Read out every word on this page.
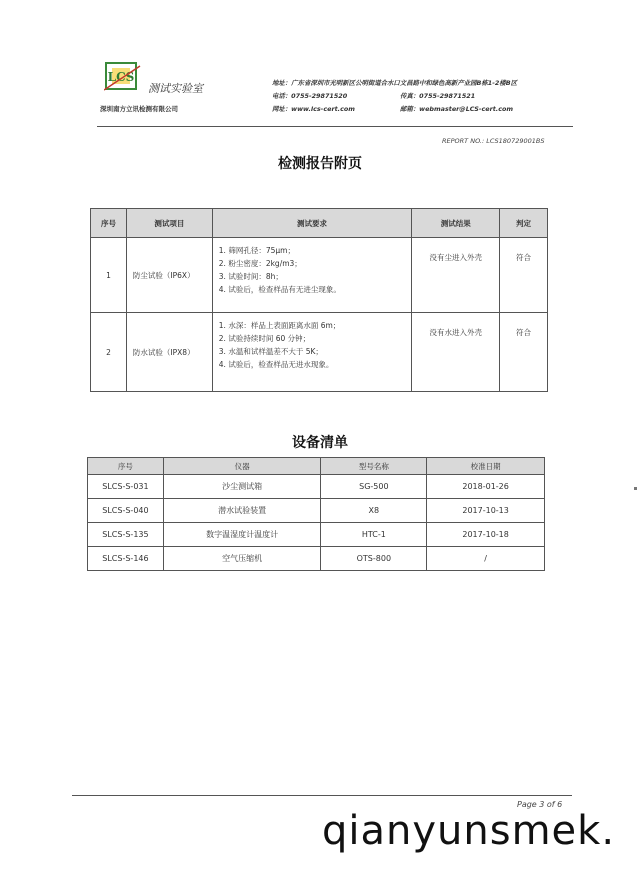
LCS
测试实验室
深圳南方立讯检测有限公司
地址：广东省深圳市光明新区公明街道合水口文昌路中和绿色高新产业园B栋1-2楼B区
电话：0755-29871520	传真：0755-29871521
网址：www.lcs-cert.com	邮箱：webmaster@LCS-cert.com
REPORT NO.: LCS180729001BS
检测报告附页
序号	测试项目	测试要求	测试结果	判定
1	防尘试验（IP6X）	1. 筛网孔径：75μm；
2. 粉尘密度：2kg/m3；
3. 试验时间：8h；
4. 试验后，检查样品有无进尘现象。	没有尘进入外壳	符合
2	防水试验（IPX8）	1. 水深：样品上表面距离水面 6m；
2. 试验持续时间 60 分钟；
3. 水温和试样温差不大于 5K；
4. 试验后，检查样品无进水现象。	没有水进入外壳	符合
设备清单
序号	仪器	型号名称	校准日期
SLCS-S-031	沙尘测试箱	SG-500	2018-01-26
SLCS-S-040	潜水试验装置	X8	2017-10-13
SLCS-S-135	数字温湿度计温度计	HTC-1	2017-10-18
SLCS-S-146	空气压缩机	OTS-800	/
Page 3 of 6
qianyunsmek.
